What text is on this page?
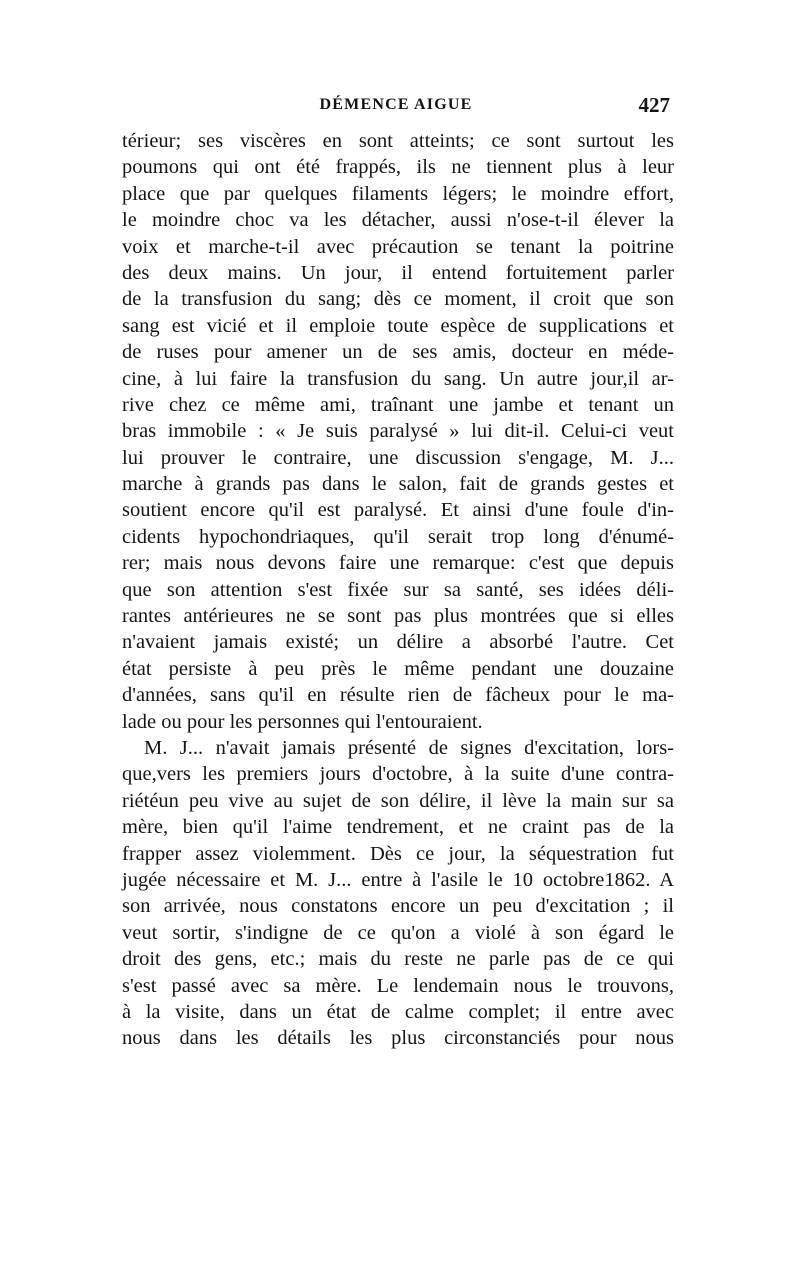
DÉMENCE AIGUE	427
térieur; ses viscères en sont atteints; ce sont surtout les
poumons qui ont été frappés, ils ne tiennent plus à leur
place que par quelques filaments légers; le moindre effort,
le moindre choc va les détacher, aussi n'ose-t-il élever la
voix et marche-t-il avec précaution se tenant la poitrine
des deux mains. Un jour, il entend fortuitement parler
de la transfusion du sang; dès ce moment, il croit que son
sang est vicié et il emploie toute espèce de supplications et
de ruses pour amener un de ses amis, docteur en méde-
cine, à lui faire la transfusion du sang. Un autre jour,il ar-
rive chez ce même ami, traînant une jambe et tenant un
bras immobile : « Je suis paralysé » lui dit-il. Celui-ci veut
lui prouver le contraire, une discussion s'engage, M. J...
marche à grands pas dans le salon, fait de grands gestes et
soutient encore qu'il est paralysé. Et ainsi d'une foule d'in-
cidents hypochondriaques, qu'il serait trop long d'énumé-
rer; mais nous devons faire une remarque: c'est que depuis
que son attention s'est fixée sur sa santé, ses idées déli-
rantes antérieures ne se sont pas plus montrées que si elles
n'avaient jamais existé; un délire a absorbé l'autre. Cet
état persiste à peu près le même pendant une douzaine
d'années, sans qu'il en résulte rien de fâcheux pour le ma-
lade ou pour les personnes qui l'entouraient.
M. J... n'avait jamais présenté de signes d'excitation, lors-
que,vers les premiers jours d'octobre, à la suite d'une contra-
riétéun peu vive au sujet de son délire, il lève la main sur sa
mère, bien qu'il l'aime tendrement, et ne craint pas de la
frapper assez violemment. Dès ce jour, la séquestration fut
jugée nécessaire et M. J... entre à l'asile le 10 octobre1862. A
son arrivée, nous constatons encore un peu d'excitation ; il
veut sortir, s'indigne de ce qu'on a violé à son égard le
droit des gens, etc.; mais du reste ne parle pas de ce qui
s'est passé avec sa mère. Le lendemain nous le trouvons,
à la visite, dans un état de calme complet; il entre avec
nous dans les détails les plus circonstanciés pour nous
